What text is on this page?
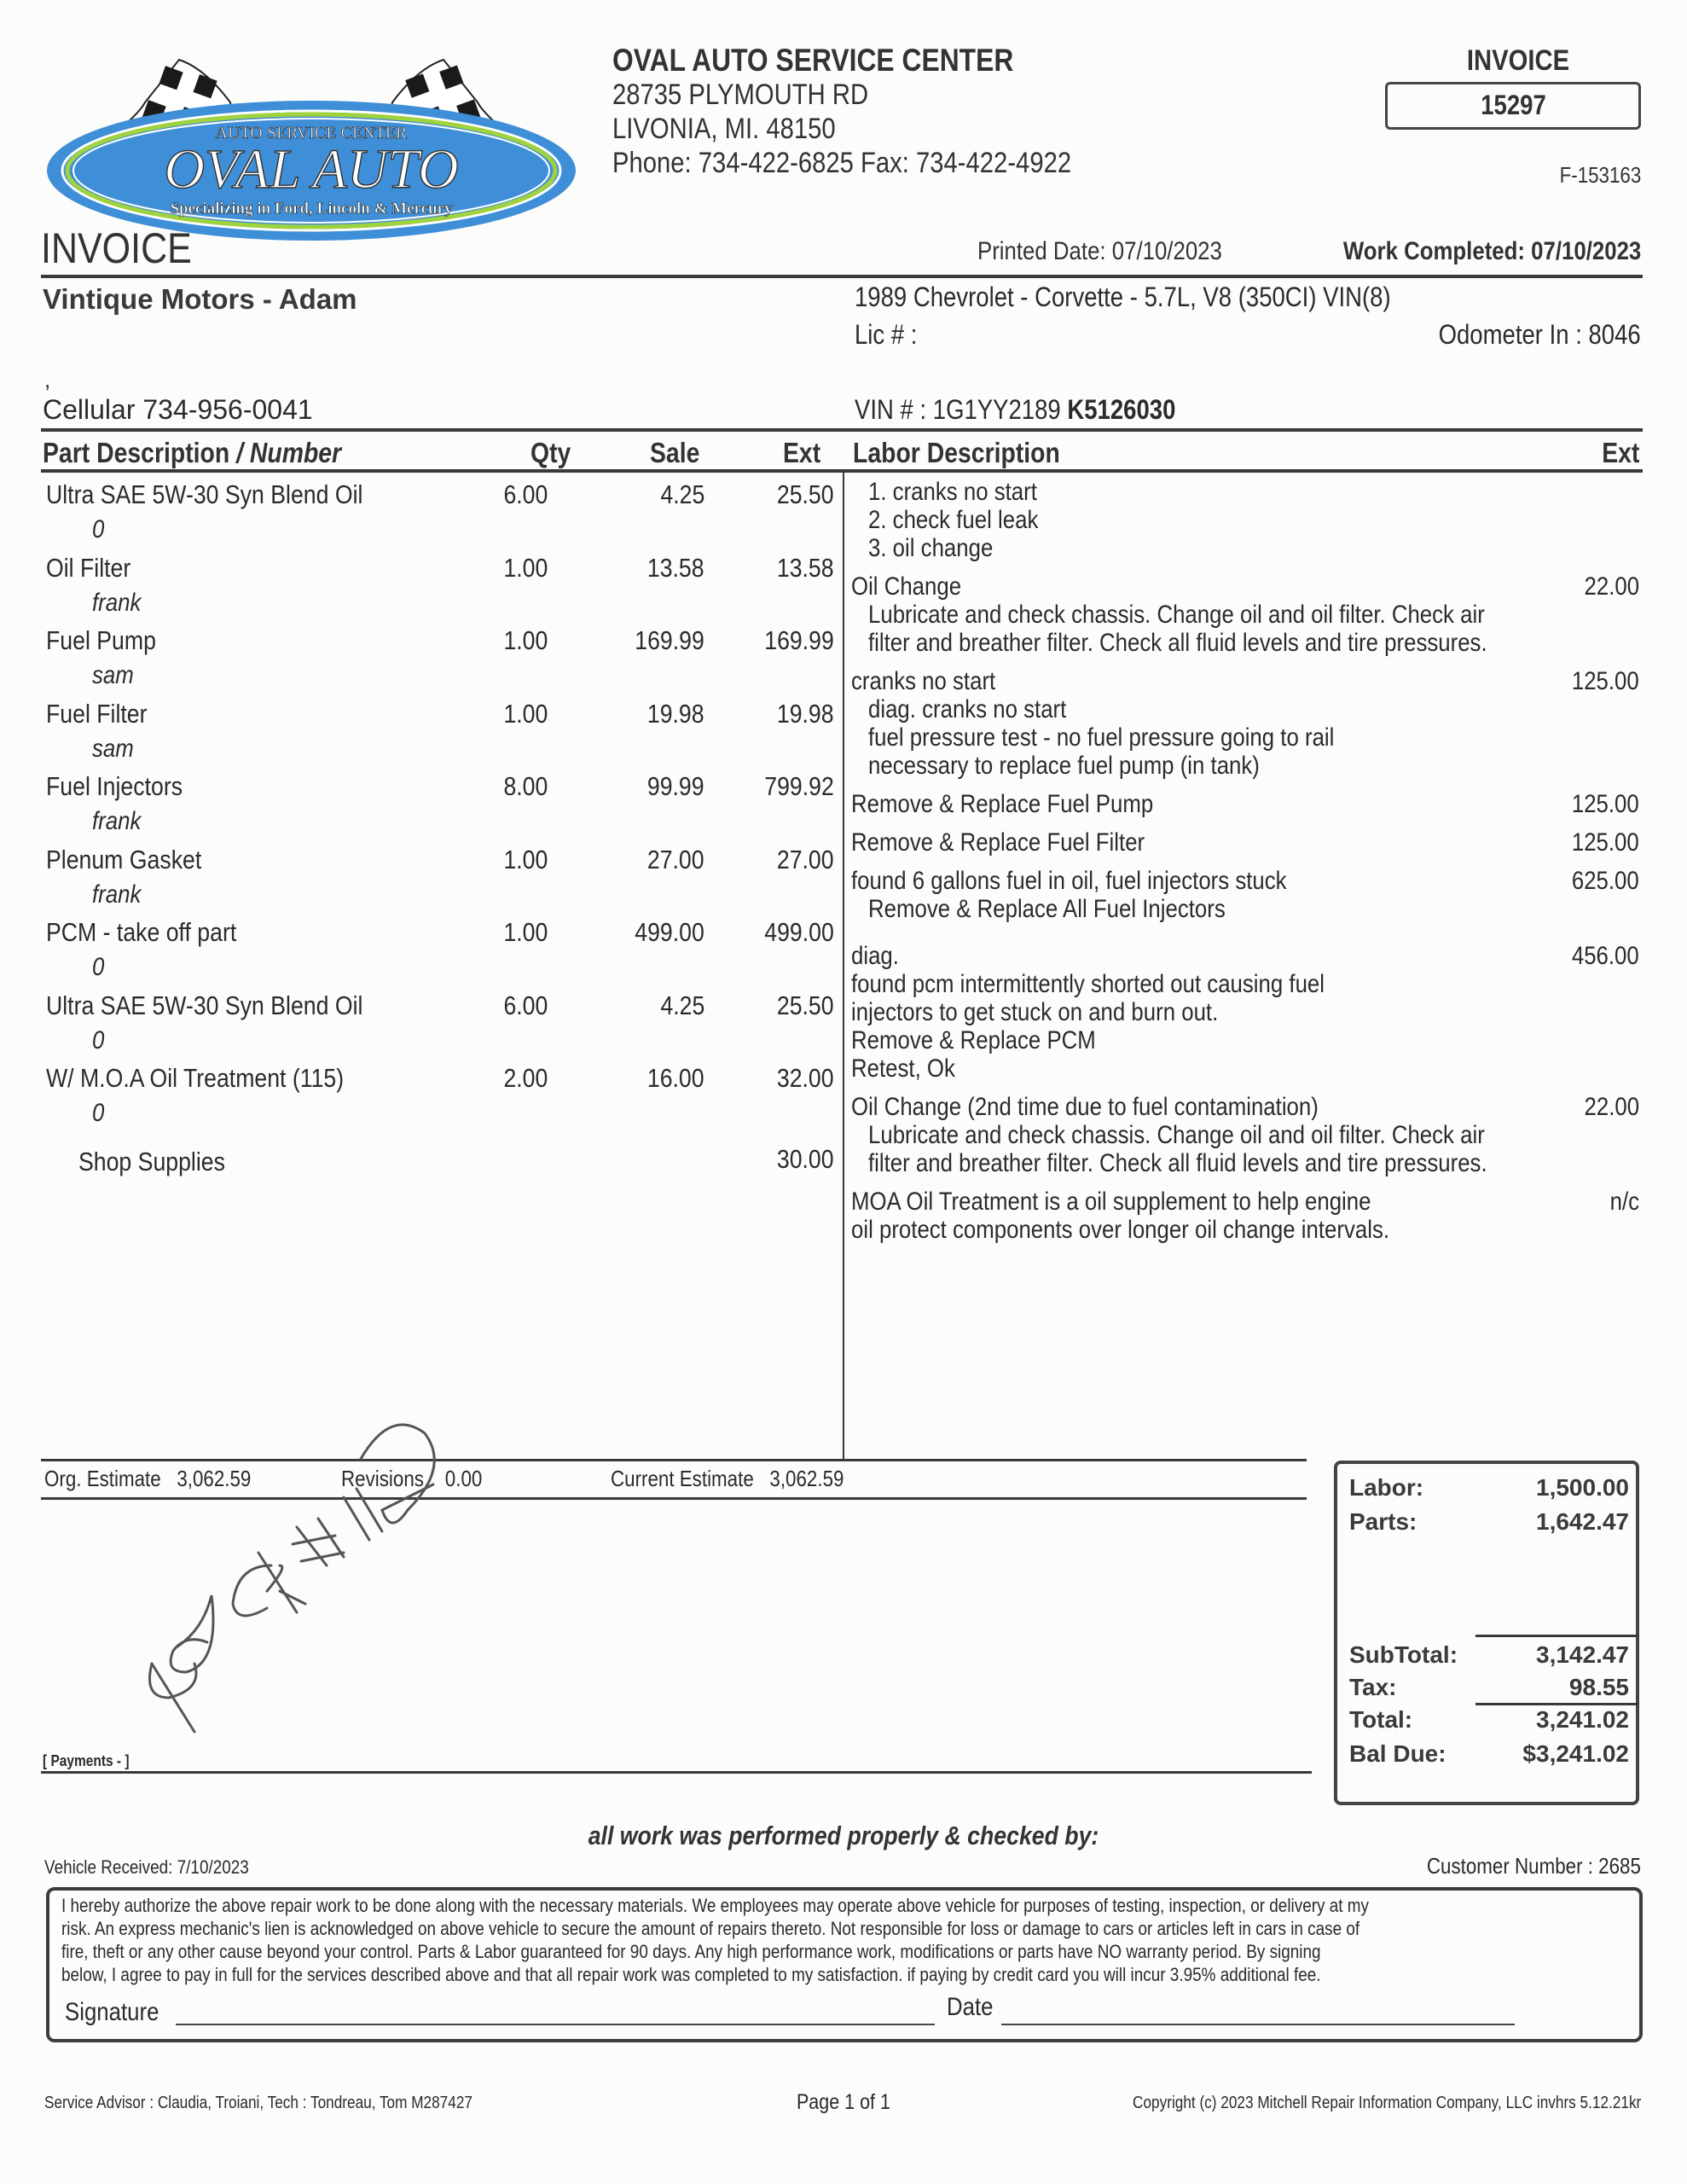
AUTO SERVICE CENTER
OVAL AUTO
Specializing in Ford, Lincoln & Mercury
OVAL AUTO SERVICE CENTER
28735 PLYMOUTH RD
LIVONIA, MI. 48150
Phone: 734-422-6825 Fax: 734-422-4922
INVOICE
15297
F-153163
INVOICE	Printed Date: 07/10/2023	Work Completed: 07/10/2023
Vintique Motors - Adam
,
Cellular 734-956-0041
1989 Chevrolet - Corvette - 5.7L, V8 (350CI) VIN(8)
Lic # :	Odometer In : 8046
VIN # : 1G1YY2189 K5126030
Part Description / Number	Qty	Sale	Ext Labor Description	Ext
Ultra SAE 5W-30 Syn Blend Oil
0
6.00	4.25	25.50
Oil Filter
frank
1.00	13.58	13.58
Fuel Pump
sam
1.00	169.99 169.99
Fuel Filter
sam
1.00	19.98	19.98
Fuel Injectors
frank
8.00	99.99 799.92
Plenum Gasket
frank
1.00	27.00	27.00
PCM - take off part
0
1.00	499.00 499.00
Ultra SAE 5W-30 Syn Blend Oil
0
6.00	4.25	25.50
W/ M.O.A Oil Treatment (115)
0
2.00	16.00	32.00
Shop Supplies	30.00
1. cranks no start
2. check fuel leak
3. oil change
Oil Change	22.00
Lubricate and check chassis. Change oil and oil filter. Check air
filter and breather filter. Check all fluid levels and tire pressures.
cranks no start	125.00
diag. cranks no start
fuel pressure test - no fuel pressure going to rail
necessary to replace fuel pump (in tank)
Remove & Replace Fuel Pump	125.00
Remove & Replace Fuel Filter	125.00
found 6 gallons fuel in oil, fuel injectors stuck	625.00
Remove & Replace All Fuel Injectors
diag.	456.00
found pcm intermittently shorted out causing fuel
injectors to get stuck on and burn out.
Remove & Replace PCM
Retest, Ok
Oil Change (2nd time due to fuel contamination)	22.00
Lubricate and check chassis. Change oil and oil filter. Check air
filter and breather filter. Check all fluid levels and tire pressures.
MOA Oil Treatment is a oil supplement to help engine	n/c
oil protect components over longer oil change intervals.
Org. Estimate 3,062.59	Revisions 0.00	Current Estimate 3,062.59
[ Payments - ]
Labor:	1,500.00
Parts:	1,642.47
SubTotal:	3,142.47
Tax:	98.55
Total:	3,241.02
Bal Due:	$3,241.02
all work was performed properly & checked by:
Vehicle Received: 7/10/2023	Customer Number : 2685
I hereby authorize the above repair work to be done along with the necessary materials. We employees may operate above vehicle for purposes of testing, inspection, or delivery at my
risk. An express mechanic's lien is acknowledged on above vehicle to secure the amount of repairs thereto. Not responsible for loss or damage to cars or articles left in cars in case of
fire, theft or any other cause beyond your control. Parts & Labor guaranteed for 90 days. Any high performance work, modifications or parts have NO warranty period. By signing
below, I agree to pay in full for the services described above and that all repair work was completed to my satisfaction. if paying by credit card you will incur 3.95% additional fee.
Signature	Date
Service Advisor : Claudia, Troiani, Tech : Tondreau, Tom M287427	Page 1 of 1	Copyright (c) 2023 Mitchell Repair Information Company, LLC invhrs 5.12.21kr
